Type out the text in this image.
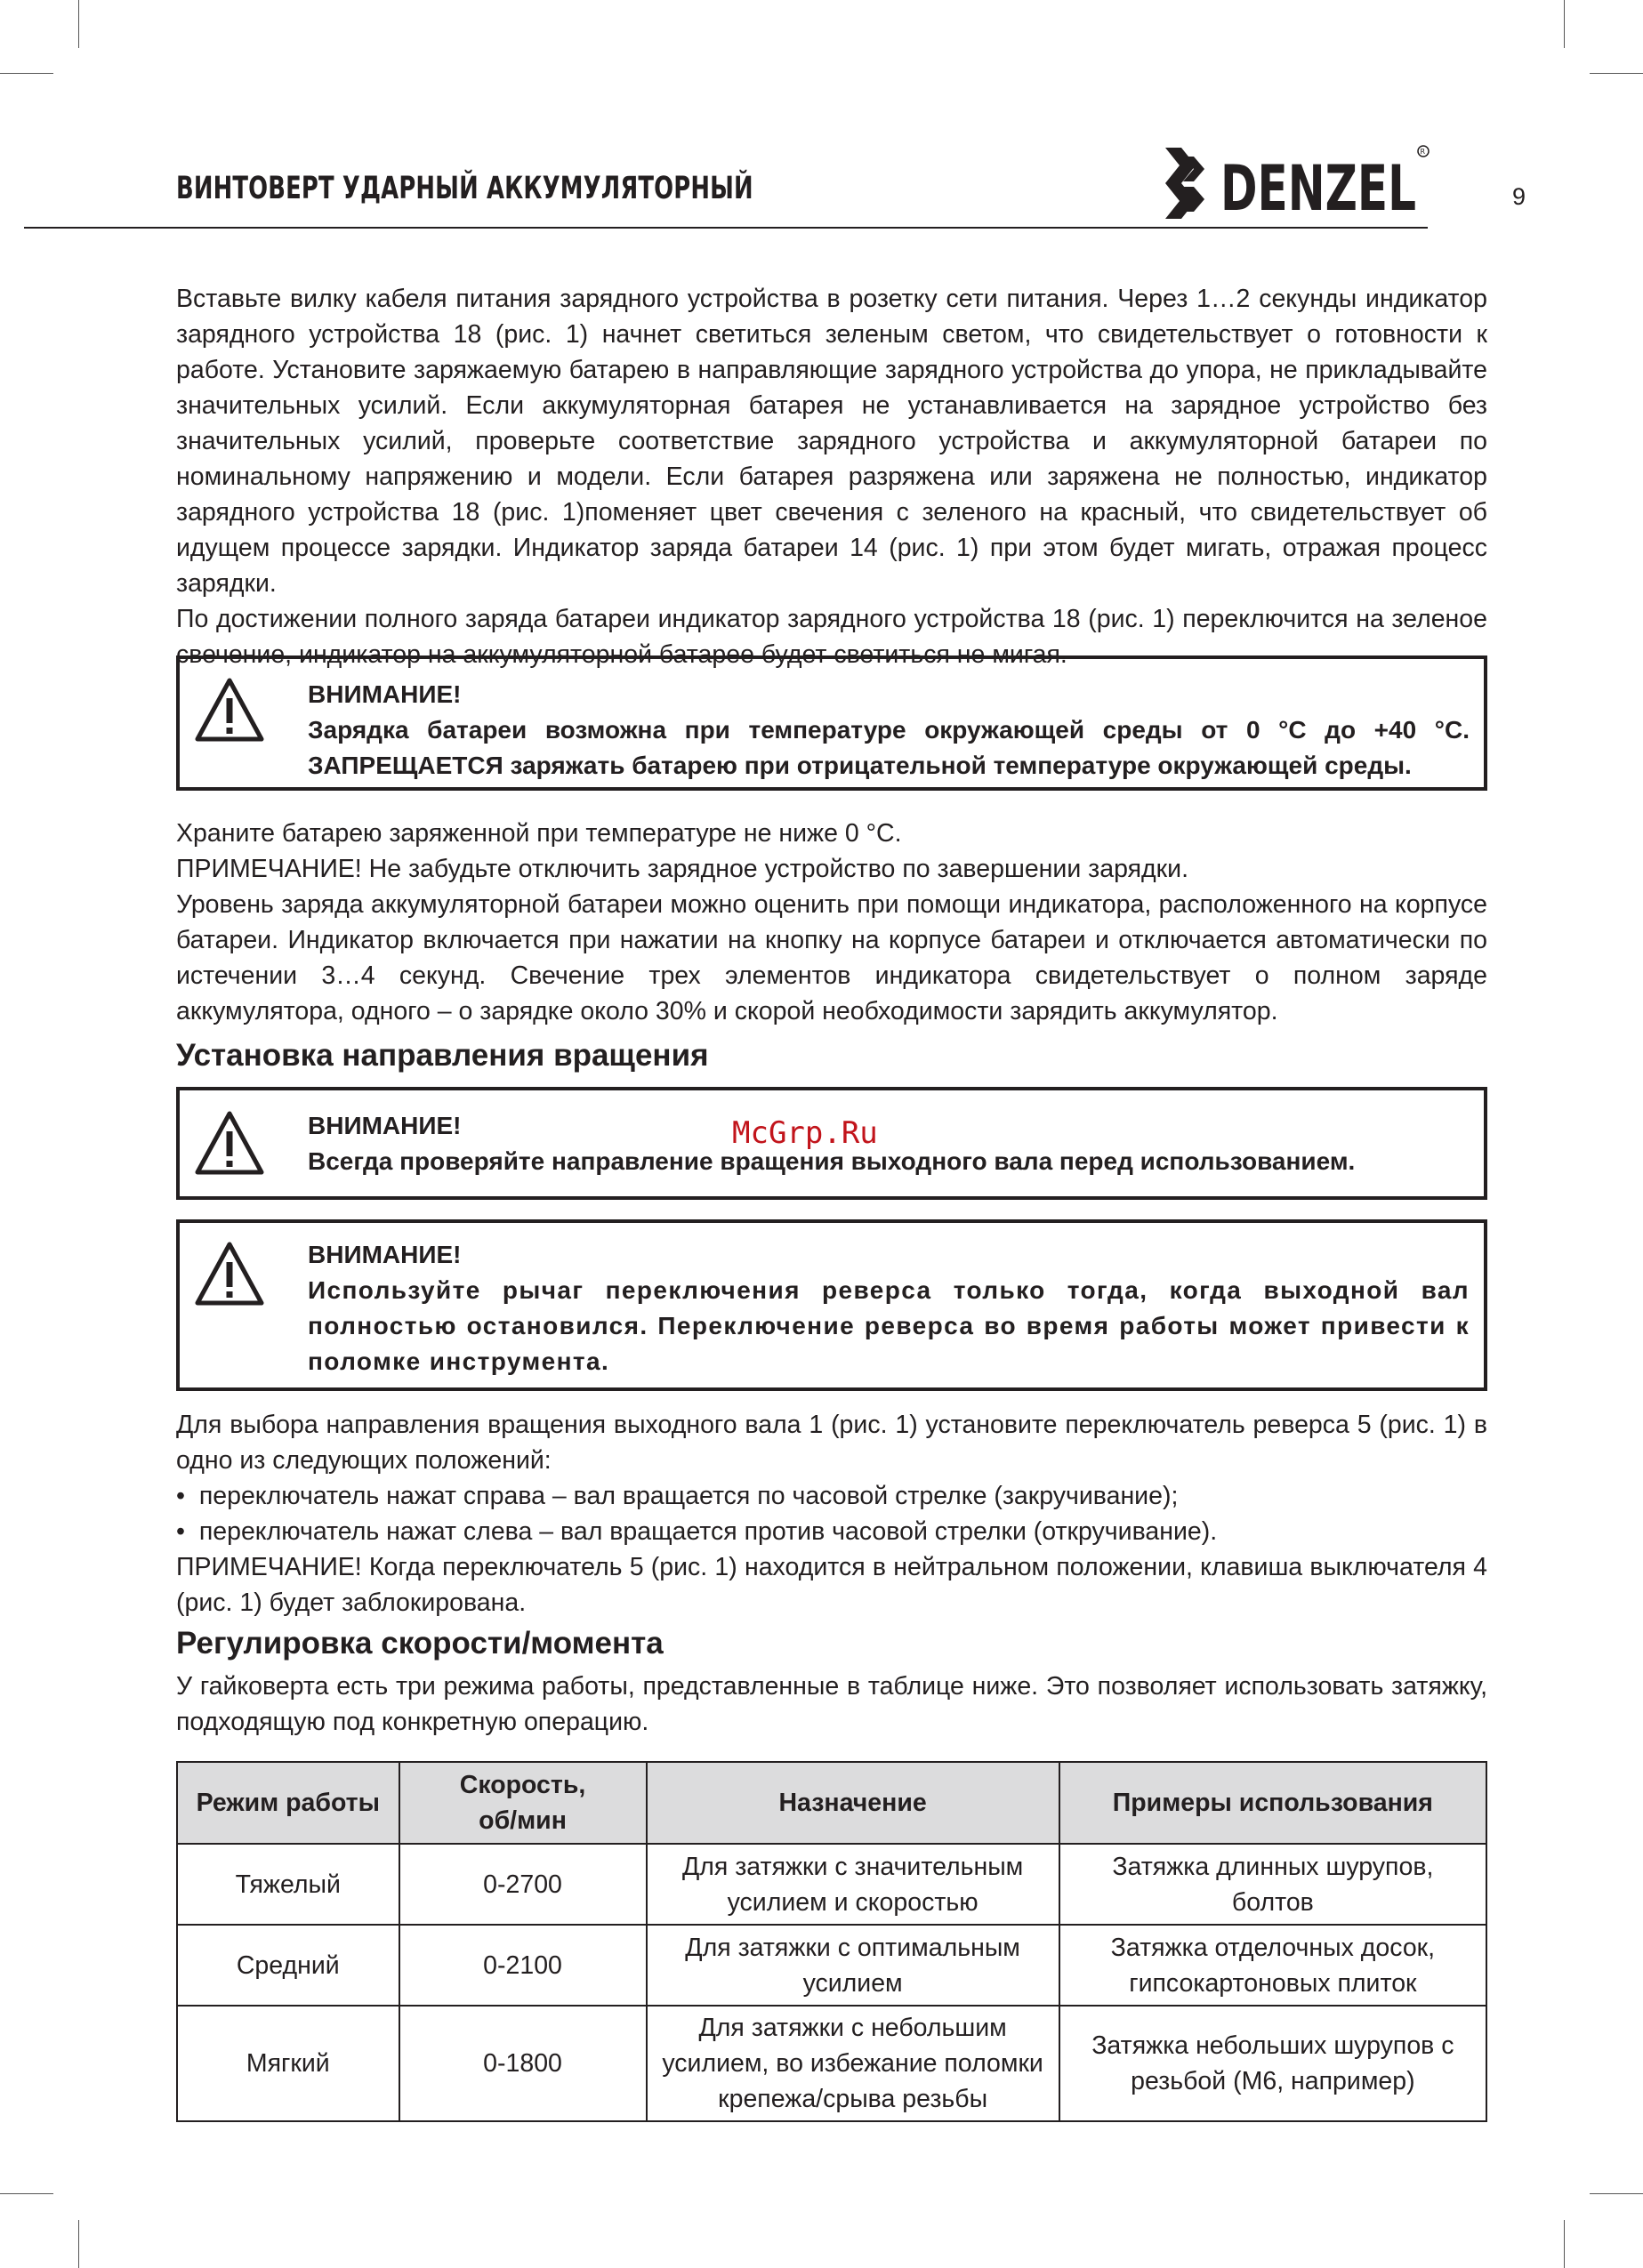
ВИНТОВЕРТ УДАРНЫЙ АККУМУЛЯТОРНЫЙ	DENZEL
R
9

Вставьте вилку кабеля питания зарядного устройства в розетку сети питания. Через 1…2 секунды индикатор зарядного устройства 18 (рис. 1) начнет светиться зеленым светом, что свидетельствует о готовности к работе. Установите заряжаемую батарею в направляющие зарядного устройства до упора, не прикладывайте значительных усилий. Если аккумуляторная батарея не устанавливается на зарядное устройство без значительных усилий, проверьте соответствие зарядного устройства и аккумуляторной батареи по номинальному напряжению и модели. Если батарея разряжена или заряжена не полностью, индикатор зарядного устройства 18 (рис. 1)поменяет цвет свечения с зеленого на красный, что свидетельствует об идущем процессе зарядки. Индикатор заряда батареи 14 (рис. 1) при этом будет мигать, отражая процесс зарядки.

По достижении полного заряда батареи индикатор зарядного устройства 18 (рис. 1) переключится на зеленое свечение, индикатор на аккумуляторной батарее будет светиться не мигая.

ВНИМАНИЕ!
Зарядка батареи возможна при температуре окружающей среды от 0 °С до +40 °С. ЗАПРЕЩАЕТСЯ заряжать батарею при отрицательной температуре окружающей среды.

Храните батарею заряженной при температуре не ниже 0 °С.

ПРИМЕЧАНИЕ! Не забудьте отключить зарядное устройство по завершении зарядки.

Уровень заряда аккумуляторной батареи можно оценить при помощи индикатора, расположенного на корпусе батареи. Индикатор включается при нажатии на кнопку на корпусе батареи и отключается автоматически по истечении 3…4 секунд. Свечение трех элементов индикатора свидетельствует о полном заряде аккумулятора, одного – о зарядке около 30% и скорой необходимости зарядить аккумулятор.

Установка направления вращения

ВНИМАНИЕ!
Всегда проверяйте направление вращения выходного вала перед использованием.
McGrp.Ru
ВНИМАНИЕ!
Используйте рычаг переключения реверса только тогда, когда выходной вал полностью остановился. Переключение реверса во время работы может привести к поломке инструмента.

Для выбора направления вращения выходного вала 1 (рис. 1) установите переключатель реверса 5 (рис. 1) в одно из следующих положений:

•  переключатель нажат справа – вал вращается по часовой стрелке (закручивание);

•  переключатель нажат слева – вал вращается против часовой стрелки (откручивание).

ПРИМЕЧАНИЕ! Когда переключатель 5 (рис. 1) находится в нейтральном положении, клавиша выключателя 4 (рис. 1) будет заблокирована.

Регулировка скорости/момента

У гайковерта есть три режима работы, представленные в таблице ниже. Это позволяет использовать затяжку, подходящую под конкретную операцию.

Режим работы	Скорость, об/мин	Назначение	Примеры использования
Тяжелый	0-2700	Для затяжки с значительным усилием и скоростью	Затяжка длинных шурупов, болтов
Средний	0-2100	Для затяжки с оптимальным усилием	Затяжка отделочных досок, гипсокартоновых плиток
Мягкий	0-1800	Для затяжки с небольшим усилием, во избежание поломки крепежа/срыва резьбы	Затяжка небольших шурупов с резьбой (М6, например)
